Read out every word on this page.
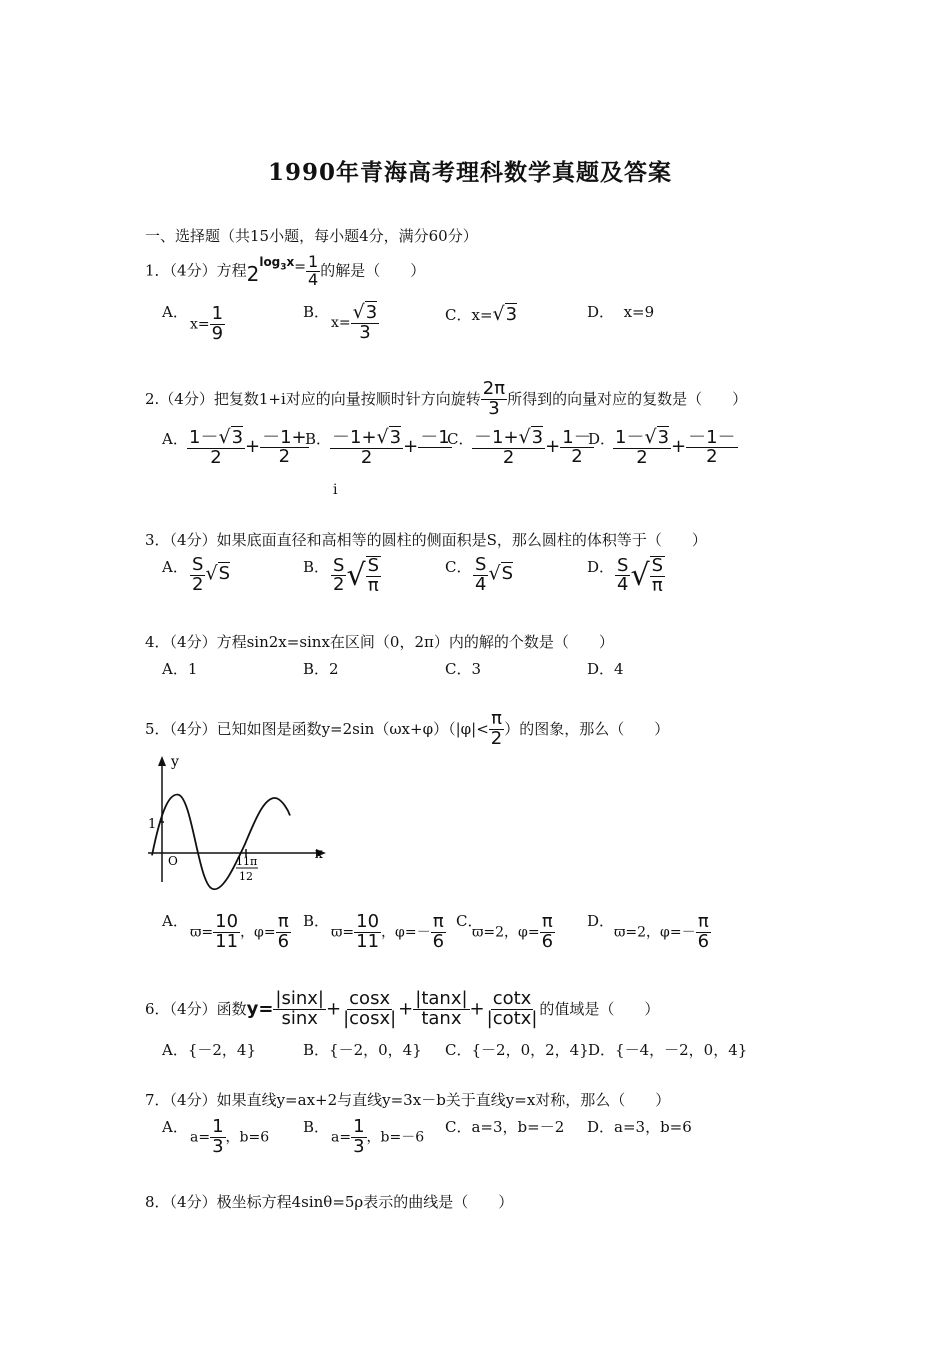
1990年青海高考理科数学真题及答案
一、选择题（共15小题，每小题4分，满分60分）
1．（4分）方程 2 $\log_3x = \frac{1}{4}$ 的解是（　　）
A．
$x= \frac{1}{9}$	B．
$x= \frac{√3}{3}$	C．x=√3	D． x=9
2.（4分）把复数1+i对应的向量按顺时针方向旋转 $\frac{2\pi}{3}$ 所得到的向量对应的复数是（　　）
A． $\frac{1-√3}{2} + \frac{-1+}{2}$
B．
$\frac{-1+√3}{2} + -1$

i
C．
$\frac{-1+√3}{2} + \frac{1-}{2}$
D．
$\frac{1-√3}{2} + \frac{-1-}{2}$
3．（4分）如果底面直径和高相等的圆柱的侧面积是S，那么圆柱的体积等于（　　）
A． $\frac{S}{2} √S$	B． $\frac{S}{2}$ √ $\frac{S}{\pi}$	C． $\frac{S}{4} √S$	D． $\frac{S}{4}$ √ $\frac{S}{\pi}$
4．（4分）方程sin2x=sinx在区间（0，2π）内的解的个数是（　　）
A．1	B．2	C．3	D．4
5．（4分）已知如图是函数$y=2\sin(\omega x+\varphi)(|\varphi|< \frac{\pi}{2}$ ）的图象，那么（　　）
y
x
1
O	11π
12
A．
$ϖ= \frac{10}{11}$ ，$\varphi= \frac{\pi}{6}$ B．
$ϖ= \frac{10}{11}$ ，$\varphi=- \frac{\pi}{6}$ C．
ϖ=2，$\varphi= \frac{\pi}{6}$ D．
ϖ=2，$\varphi=- \frac{\pi}{6}$
6．（4分）函数$y= \frac{|\sin x|}{\sin x} + \frac{\cos x}{|\cos x|} + \frac{|\tan x|}{\tan x} + \frac{\cot x}{|\cot x|}$ 的值域是（　　）
A．{－2，4}	B．{－2，0，4} C．{－2，0，2，4} D．{－4，－2，0，4}
7．（4分）如果直线y=ax+2与直线y=3x－b关于直线y=x对称，那么（　　）
A．
$a= \frac{1}{3}$ ，b=6
B．
$a= \frac{1}{3}$ ，b=－6
C．a=3，b=－2 D．a=3，b=6
8．（4分）极坐标方程4sinθ=5ρ表示的曲线是（　　）
